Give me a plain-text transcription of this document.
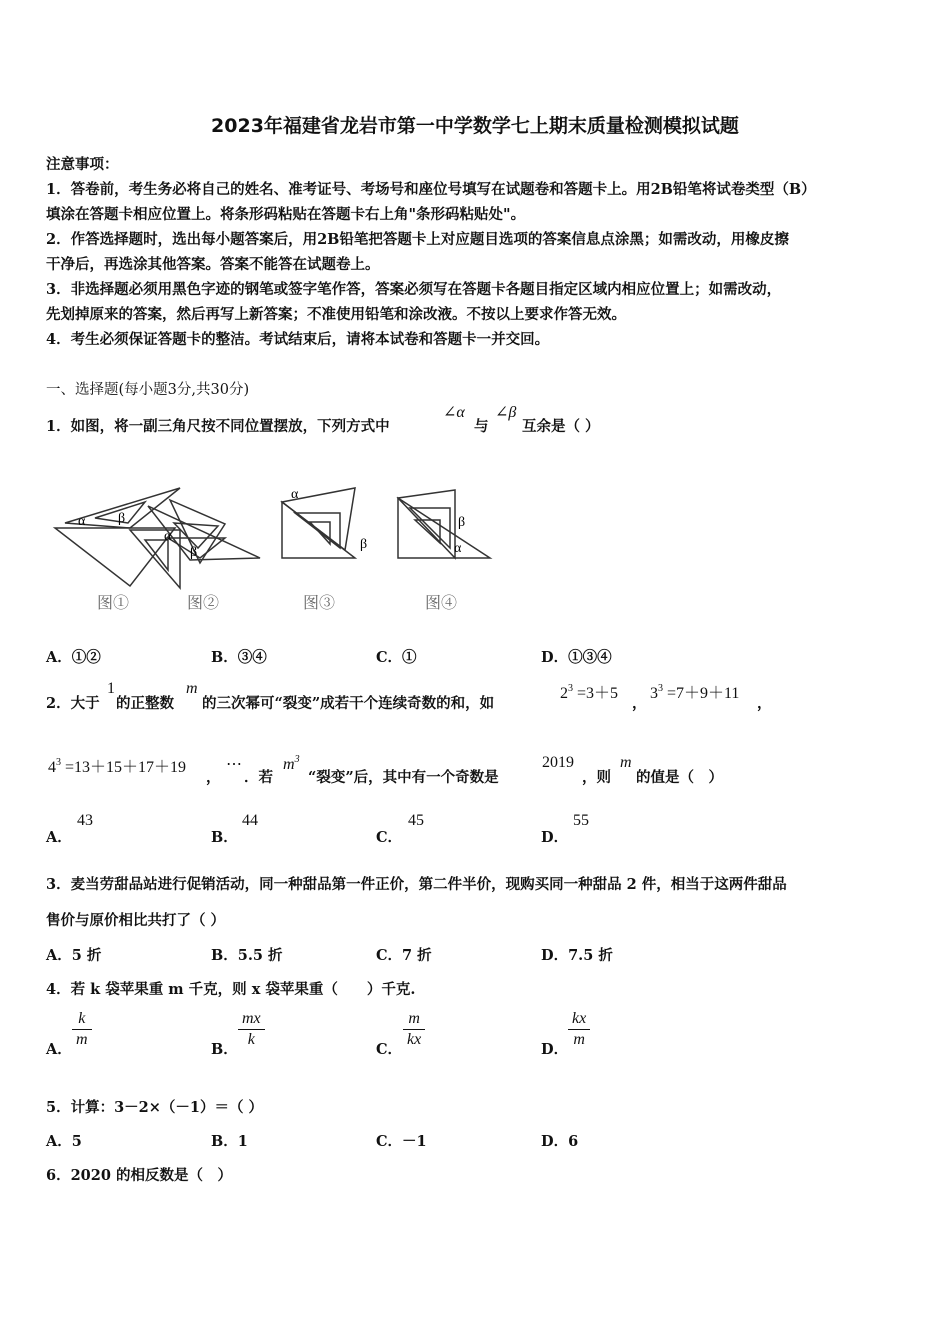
2023年福建省龙岩市第一中学数学七上期末质量检测模拟试题
注意事项：
1．答卷前，考生务必将自己的姓名、准考证号、考场号和座位号填写在试题卷和答题卡上。用2B铅笔将试卷类型（B）
填涂在答题卡相应位置上。将条形码粘贴在答题卡右上角"条形码粘贴处"。
2．作答选择题时，选出每小题答案后，用2B铅笔把答题卡上对应题目选项的答案信息点涂黑；如需改动，用橡皮擦
干净后，再选涂其他答案。答案不能答在试题卷上。
3．非选择题必须用黑色字迹的钢笔或签字笔作答，答案必须写在答题卡各题目指定区域内相应位置上；如需改动，
先划掉原来的答案，然后再写上新答案；不准使用铅笔和涂改液。不按以上要求作答无效。
4．考生必须保证答题卡的整洁。考试结束后，请将本试卷和答题卡一并交回。
一、选择题(每小题3分,共30分)
1．如图，将一副三角尺按不同位置摆放，下列方式中
∠α
与
∠β
互余是（ ）
α β
α
β
α
β
β
α
图①	图②	图③	图④
A．①②	B．③④	C．①	D．①③④
2．大于
1
的正整数
m
的三次幂可“裂变”成若干个连续奇数的和，如
$2^3 =3+5$
，
$3^3 =7+9+11$
，
$4^3 =13+15+17+19$
，
⋯
．若
$m^3$
“裂变”后，其中有一个奇数是
2019
，则
m
的值是（　）
A．
43
B．
44
C．
45
D．
55
3．麦当劳甜品站进行促销活动，同一种甜品第一件正价，第二件半价，现购买同一种甜品 2 件，相当于这两件甜品
售价与原价相比共打了（ ）
A．5 折	B．5.5 折	C．7 折	D．7.5 折
4．若 k 袋苹果重 m 千克，则 x 袋苹果重（　　）千克.
A．
k
m
B．
mx
k
C．
m
kx
D．
kx
m
5．计算：3－2×（－1）＝（ ）
A．5	B．1	C．－1	D．6
6．2020 的相反数是（　）
